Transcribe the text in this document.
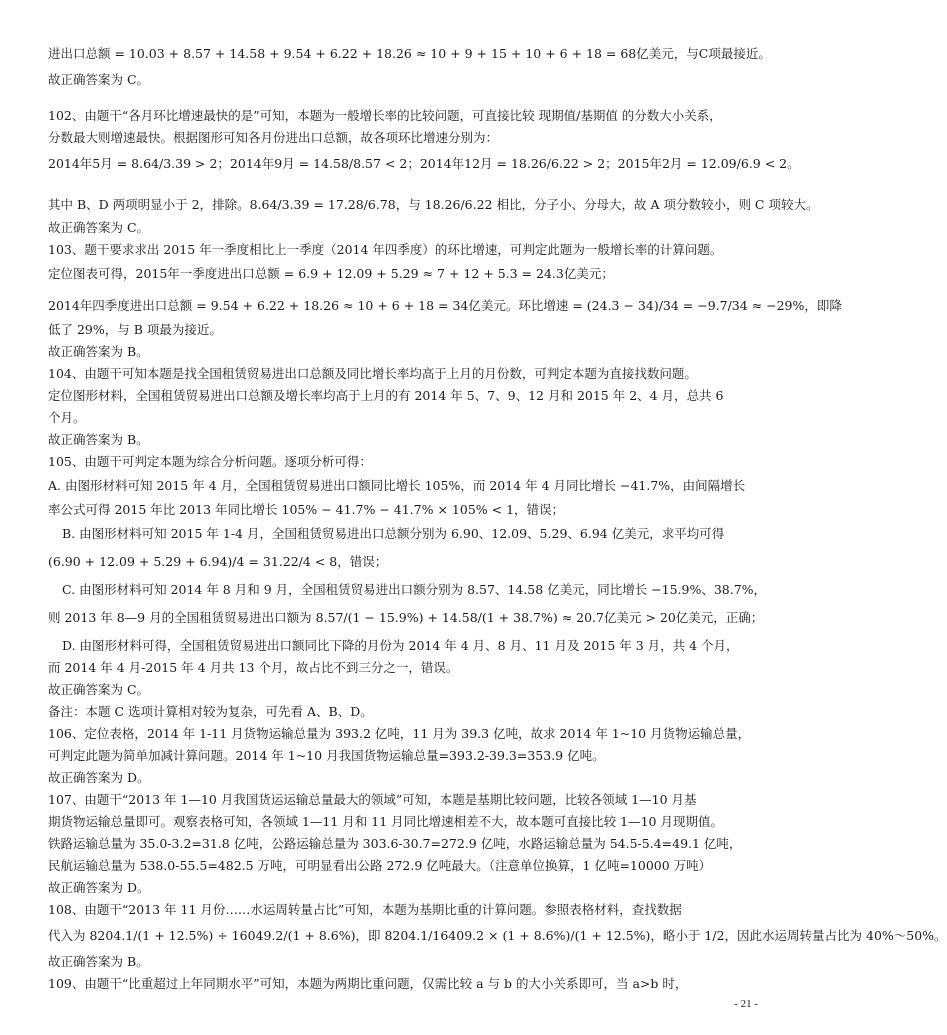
进出口总额 = 10.03 + 8.57 + 14.58 + 9.54 + 6.22 + 18.26 ≈ 10 + 9 + 15 + 10 + 6 + 18 = 68亿美元，与C项最接近。
故正确答案为 C。
102、由题干“各月环比增速最快的是”可知，本题为一般增长率的比较问题，可直接比较 现期值/基期值 的分数大小关系，
分数最大则增速最快。根据图形可知各月份进出口总额，故各项环比增速分别为：
2014年5月 = 8.64/3.39 > 2；2014年9月 = 14.58/8.57 < 2；2014年12月 = 18.26/6.22 > 2；2015年2月 = 12.09/6.9 < 2。
其中 B、D 两项明显小于 2，排除。8.64/3.39 = 17.28/6.78，与 18.26/6.22 相比，分子小、分母大，故 A 项分数较小，则 C 项较大。
故正确答案为 C。
103、题干要求求出 2015 年一季度相比上一季度（2014 年四季度）的环比增速，可判定此题为一般增长率的计算问题。
定位图表可得，2015年一季度进出口总额 = 6.9 + 12.09 + 5.29 ≈ 7 + 12 + 5.3 = 24.3亿美元；
2014年四季度进出口总额 = 9.54 + 6.22 + 18.26 ≈ 10 + 6 + 18 = 34亿美元。环比增速 = (24.3 − 34)/34 = −9.7/34 ≈ −29%，即降
低了 29%，与 B 项最为接近。
故正确答案为 B。
104、由题干可知本题是找全国租赁贸易进出口总额及同比增长率均高于上月的月份数，可判定本题为直接找数问题。
定位图形材料，全国租赁贸易进出口总额及增长率均高于上月的有 2014 年 5、7、9、12 月和 2015 年 2、4 月，总共 6
个月。
故正确答案为 B。
105、由题干可判定本题为综合分析问题。逐项分析可得：
A. 由图形材料可知 2015 年 4 月，全国租赁贸易进出口额同比增长 105%，而 2014 年 4 月同比增长 −41.7%，由间隔增长
率公式可得 2015 年比 2013 年同比增长 105% − 41.7% − 41.7% × 105% < 1，错误；
B. 由图形材料可知 2015 年 1-4 月，全国租赁贸易进出口总额分别为 6.90、12.09、5.29、6.94 亿美元，求平均可得
(6.90 + 12.09 + 5.29 + 6.94)/4 = 31.22/4 < 8，错误；
C. 由图形材料可知 2014 年 8 月和 9 月，全国租赁贸易进出口额分别为 8.57、14.58 亿美元，同比增长 −15.9%、38.7%，
则 2013 年 8—9 月的全国租赁贸易进出口额为 8.57/(1 − 15.9%) + 14.58/(1 + 38.7%) ≈ 20.7亿美元 > 20亿美元，正确；
D. 由图形材料可得，全国租赁贸易进出口额同比下降的月份为 2014 年 4 月、8 月、11 月及 2015 年 3 月，共 4 个月，
而 2014 年 4 月-2015 年 4 月共 13 个月，故占比不到三分之一，错误。
故正确答案为 C。
备注：本题 C 选项计算相对较为复杂，可先看 A、B、D。
106、定位表格，2014 年 1-11 月货物运输总量为 393.2 亿吨，11 月为 39.3 亿吨，故求 2014 年 1~10 月货物运输总量，
可判定此题为简单加减计算问题。2014 年 1~10 月我国货物运输总量=393.2-39.3=353.9 亿吨。
故正确答案为 D。
107、由题干“2013 年 1—10 月我国货运运输总量最大的领域”可知，本题是基期比较问题，比较各领域 1—10 月基
期货物运输总量即可。观察表格可知，各领域 1—11 月和 11 月同比增速相差不大，故本题可直接比较 1—10 月现期值。
铁路运输总量为 35.0-3.2=31.8 亿吨，公路运输总量为 303.6-30.7=272.9 亿吨，水路运输总量为 54.5-5.4=49.1 亿吨，
民航运输总量为 538.0-55.5=482.5 万吨，可明显看出公路 272.9 亿吨最大。（注意单位换算，1 亿吨=10000 万吨）
故正确答案为 D。
108、由题干“2013 年 11 月份……水运周转量占比”可知，本题为基期比重的计算问题。参照表格材料，查找数据
代入为 8204.1/(1 + 12.5%) ÷ 16049.2/(1 + 8.6%)，即 8204.1/16409.2 × (1 + 8.6%)/(1 + 12.5%)，略小于 1/2，因此水运周转量占比为 40%～50%。
故正确答案为 B。
109、由题干“比重超过上年同期水平”可知，本题为两期比重问题，仅需比较 a 与 b 的大小关系即可，当 a>b 时，
- 21 -
